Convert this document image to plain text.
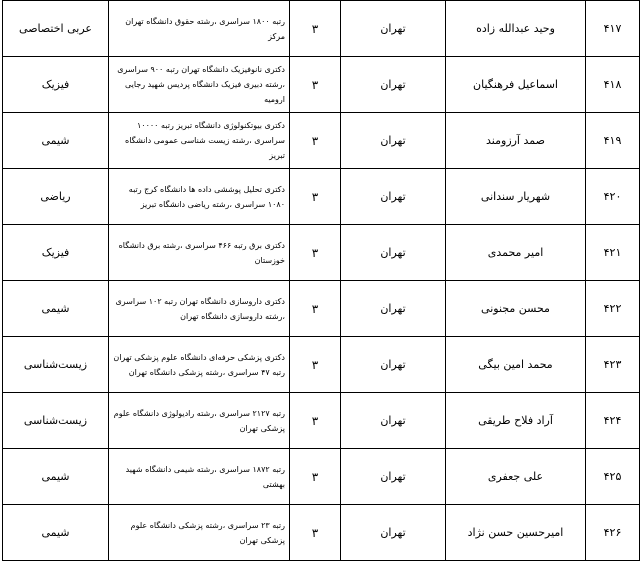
۴۱۷	وحید عبدالله زاده	تهران	۳	رتبه ۱۸۰۰ سراسری ،رشته حقوق دانشگاه تهران مرکز	عربی اختصاصی
۴۱۸	اسماعیل فرهنگیان	تهران	۳	دکتری نانوفیزیک دانشگاه تهران رتبه ۹۰۰ سراسری ،رشته دبیری فیزیک دانشگاه پردیس شهید رجایی ارومیه	فیزیک
۴۱۹	صمد آرزومند	تهران	۳	دکتری بیوتکنولوژی دانشگاه تبریز رتبه ۱۰۰۰۰ سراسری ،رشته زیست شناسی عمومی دانشگاه تبریز	شیمی
۴۲۰	شهریار سندانی	تهران	۳	دکتری تحلیل پوششی داده ها دانشگاه کرج رتبه ۱۰۸۰ سراسری ،رشته ریاضی دانشگاه تبریز	ریاضی
۴۲۱	امیر محمدی	تهران	۳	دکتری برق رتبه ۴۶۶ سراسری ،رشته برق دانشگاه خوزستان	فیزیک
۴۲۲	محسن مجنونی	تهران	۳	دکتری داروسازی دانشگاه تهران رتبه ۱۰۲ سراسری ،رشته داروسازی دانشگاه تهران	شیمی
۴۲۳	محمد امین بیگی	تهران	۳	دکتری پزشکی حرفه‌ای دانشگاه علوم پزشکی تهران رتبه ۴۷ سراسری ،رشته پزشکی دانشگاه تهران	زیست‌شناسی
۴۲۴	آراد فلاح طریقی	تهران	۳	رتبه ۲۱۲۷ سراسری ،رشته رادیولوژی دانشگاه علوم پزشکی تهران	زیست‌شناسی
۴۲۵	علی جعفری	تهران	۳	رتبه ۱۸۷۲ سراسری ،رشته شیمی دانشگاه شهید بهشتی	شیمی
۴۲۶	امیرحسین حسن نژاد	تهران	۳	رتبه ۲۳ سراسری ،رشته پزشکی دانشگاه علوم پزشکی تهران	شیمی
